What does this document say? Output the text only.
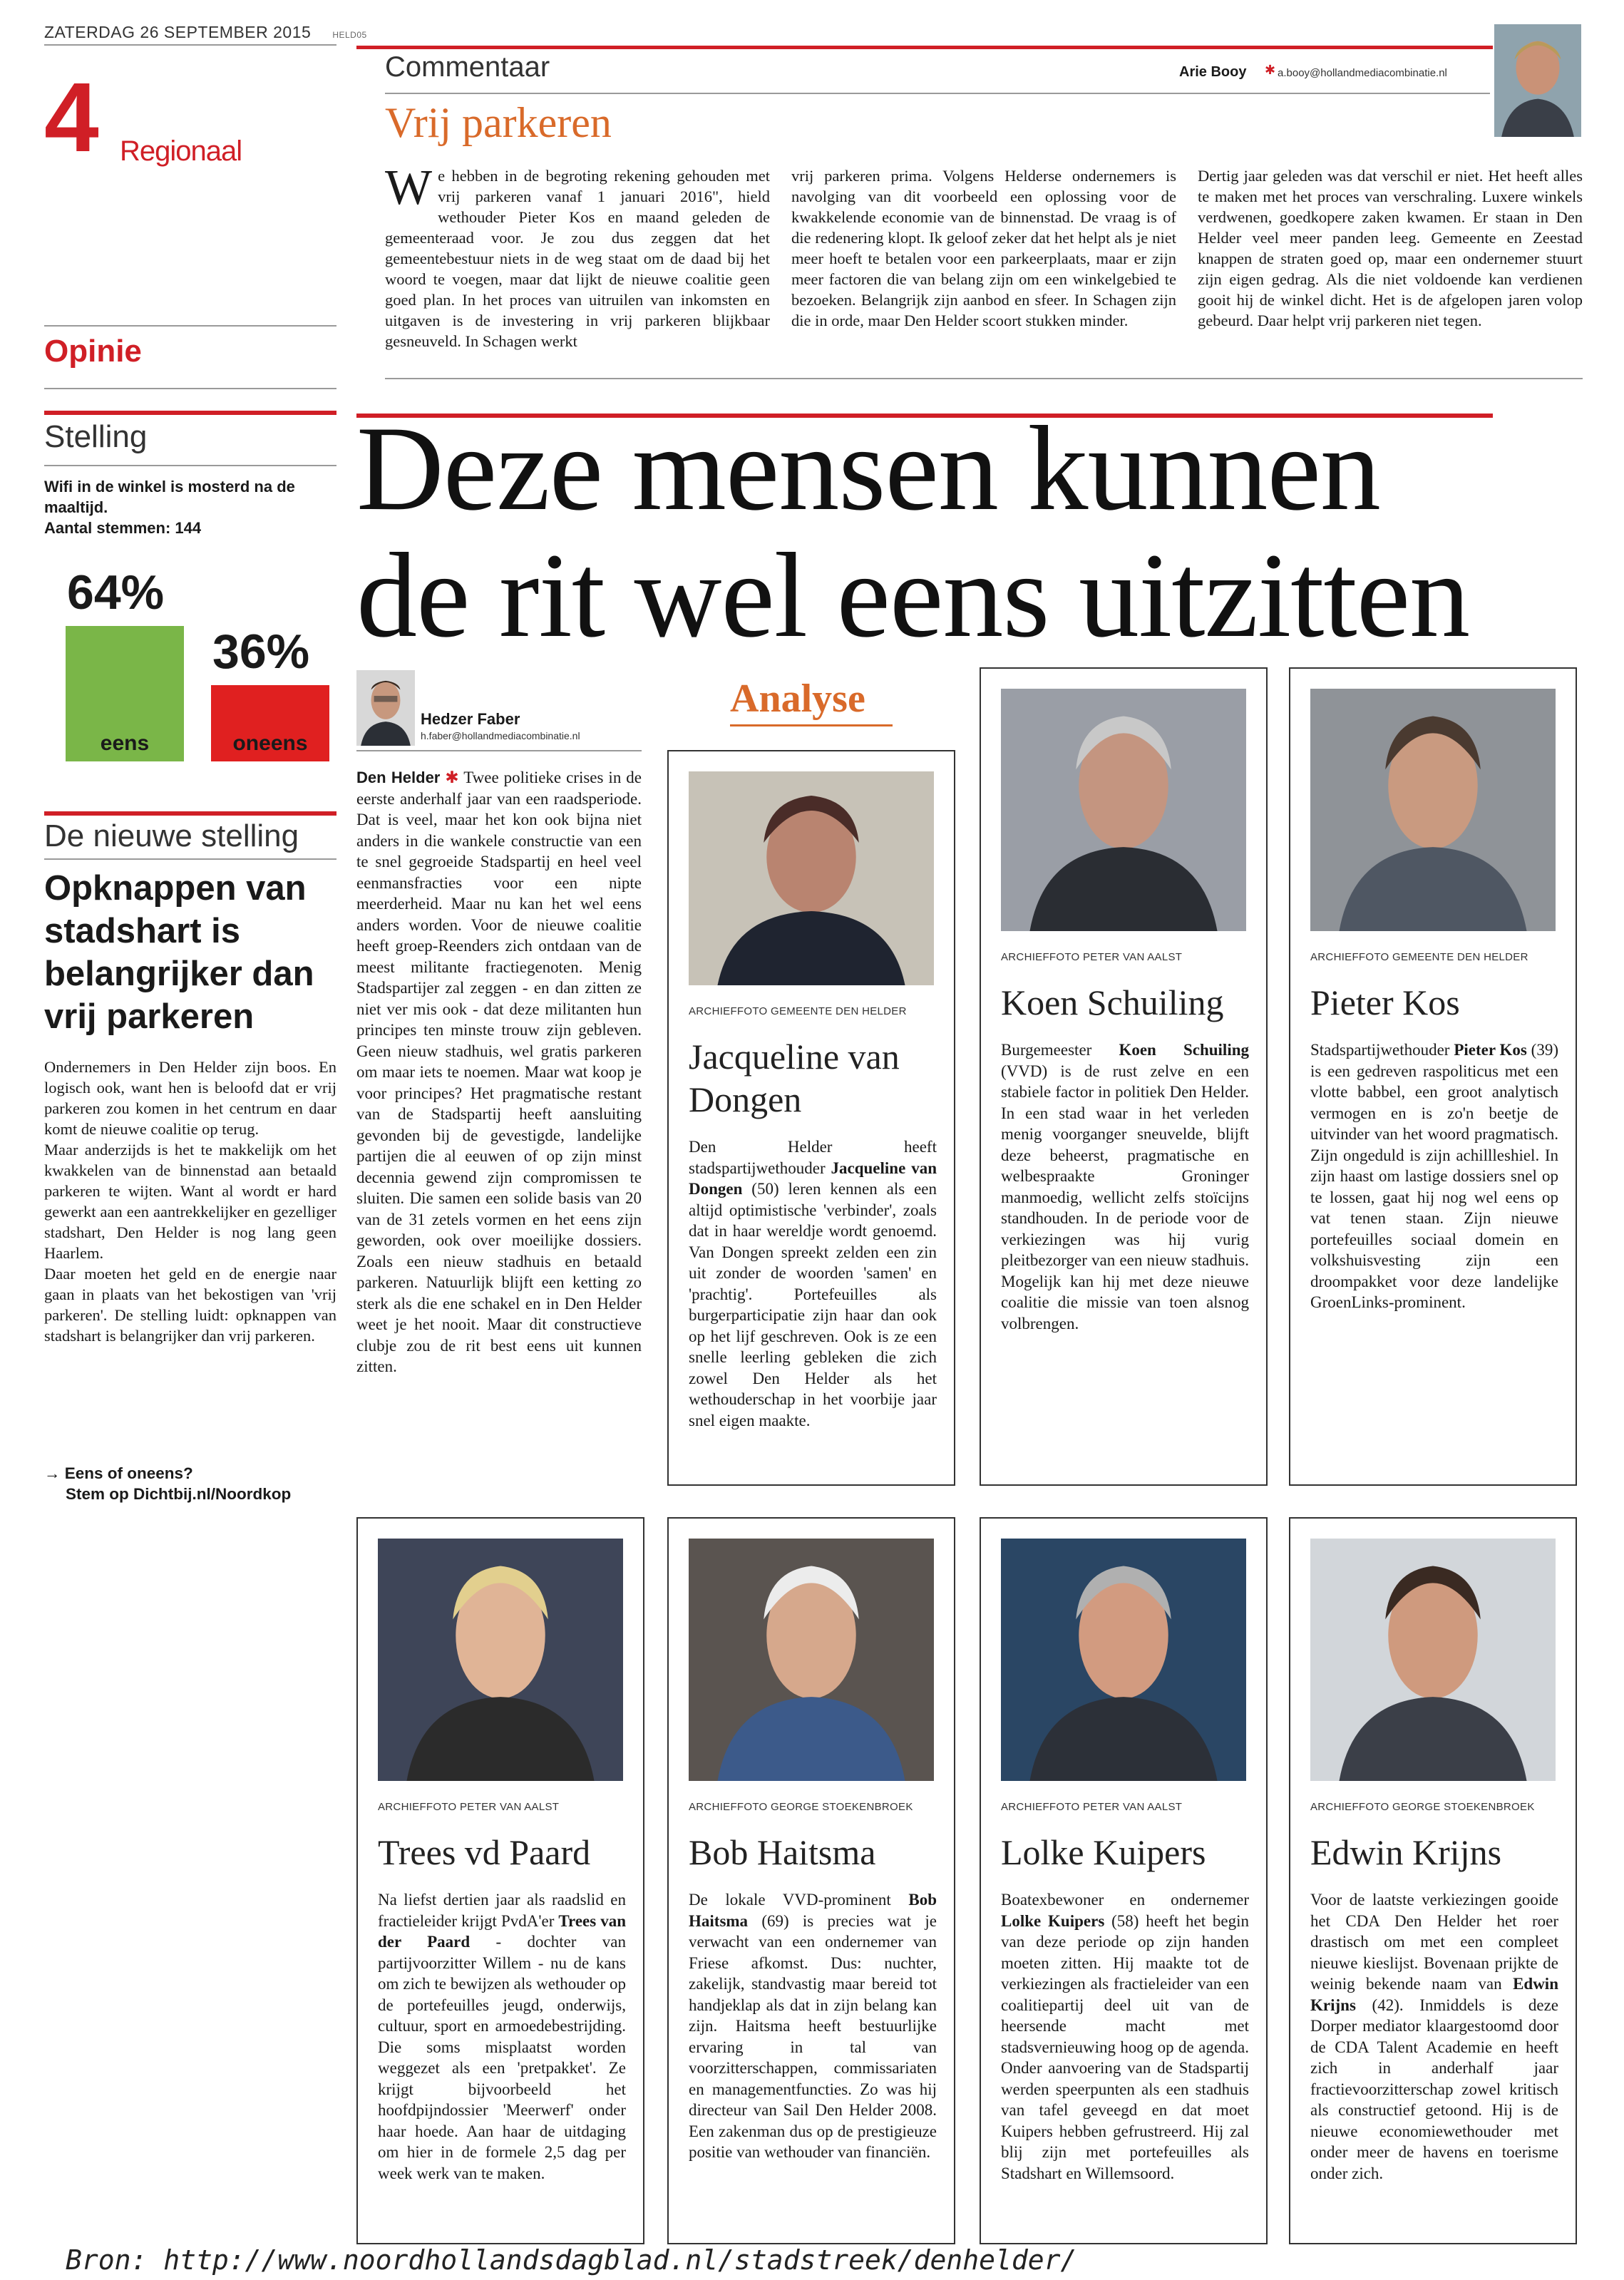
ZATERDAG 26 SEPTEMBER 2015	HELD05
4 Regionaal
Commentaar	Arie Booy ✱ a.booy@hollandmediacombinatie.nl
Vrij parkeren
We hebben in de begroting rekening gehouden met vrij parkeren vanaf 1 januari 2016", hield wethouder Pieter Kos en maand geleden de gemeenteraad voor. Je zou dus zeggen dat het gemeentebestuur niets in de weg staat om de daad bij het woord te voegen, maar dat lijkt de nieuwe coalitie geen goed plan. In het proces van uitruilen van inkomsten en uitgaven is de investering in vrij parkeren blijkbaar gesneuveld. In Schagen werkt
vrij parkeren prima. Volgens Helderse ondernemers is navolging van dit voorbeeld een oplossing voor de kwakkelende economie van de binnenstad. De vraag is of die redenering klopt. Ik geloof zeker dat het helpt als je niet meer hoeft te betalen voor een parkeerplaats, maar er zijn meer factoren die van belang zijn om een winkelgebied te bezoeken. Belangrijk zijn aanbod en sfeer. In Schagen zijn die in orde, maar Den Helder scoort stukken minder.
Dertig jaar geleden was dat verschil er niet. Het heeft alles te maken met het proces van verschraling. Luxere winkels verdwenen, goedkopere zaken kwamen. Er staan in Den Helder veel meer panden leeg. Gemeente en Zeestad knappen de straten goed op, maar een ondernemer stuurt zijn eigen gedrag. Als die niet voldoende kan verdienen gooit hij de winkel dicht. Het is de afgelopen jaren volop gebeurd. Daar helpt vrij parkeren niet tegen.
Opinie
Stelling
Wifi in de winkel is mosterd na de maaltijd.
Aantal stemmen: 144
64%
36%
eens	oneens
De nieuwe stelling
Opknappen van stadshart is belangrijker dan vrij parkeren

Ondernemers in Den Helder zijn boos. En logisch ook, want hen is beloofd dat er vrij parkeren zou komen in het centrum en daar komt de nieuwe coalitie op terug.

Maar anderzijds is het te makkelijk om het kwakkelen van de binnenstad aan betaald parkeren te wijten. Want al wordt er hard gewerkt aan een aantrekkelijker en gezelliger stadshart, Den Helder is nog lang geen Haarlem.

Daar moeten het geld en de energie naar gaan in plaats van het bekostigen van 'vrij parkeren'. De stelling luidt: opknappen van stadshart is belangrijker dan vrij parkeren.

→ Eens of oneens?
Stem op Dichtbij.nl/Noordkop
Deze mensen kunnen
de rit wel eens uitzitten
Hedzer Faber
h.faber@hollandmediacombinatie.nl
Analyse
Den Helder ✱ Twee politieke crises in de eerste anderhalf jaar van een raadsperiode. Dat is veel, maar het kon ook bijna niet anders in die wankele constructie van een te snel gegroeide Stadspartij en heel veel eenmansfracties voor een nipte meerderheid. Maar nu kan het wel eens anders worden. Voor de nieuwe coalitie heeft groep-Reenders zich ontdaan van de meest militante fractiegenoten. Menig Stadspartijer zal zeggen - en dan zitten ze niet ver mis ook - dat deze militanten hun principes ten minste trouw zijn gebleven. Geen nieuw stadhuis, wel gratis parkeren om maar iets te noemen. Maar wat koop je voor principes? Het pragmatische restant van de Stadspartij heeft aansluiting gevonden bij de gevestigde, landelijke partijen die al eeuwen of op zijn minst decennia gewend zijn compromissen te sluiten. Die samen een solide basis van 20 van de 31 zetels vormen en het eens zijn geworden, ook over moeilijke dossiers. Zoals een nieuw stadhuis en betaald parkeren. Natuurlijk blijft een ketting zo sterk als die ene schakel en in Den Helder weet je het nooit. Maar dit constructieve clubje zou de rit best eens uit kunnen zitten.
ARCHIEFFOTO GEMEENTE DEN HELDER
Jacqueline van Dongen
Den Helder heeft stadspartijwethouder Jacqueline van Dongen (50) leren kennen als een altijd optimistische 'verbinder', zoals dat in haar wereldje wordt genoemd. Van Dongen spreekt zelden een zin uit zonder de woorden 'samen' en 'prachtig'. Portefeuilles als burgerparticipatie zijn haar dan ook op het lijf geschreven. Ook is ze een snelle leerling gebleken die zich zowel Den Helder als het wethouderschap in het voorbije jaar snel eigen maakte.
ARCHIEFFOTO PETER VAN AALST
Koen Schuiling
Burgemeester Koen Schuiling (VVD) is de rust zelve en een stabiele factor in politiek Den Helder. In een stad waar in het verleden menig voorganger sneuvelde, blijft deze beheerst, pragmatische en welbespraakte Groninger manmoedig, wellicht zelfs stoïcijns standhouden. In de periode voor de verkiezingen was hij vurig pleitbezorger van een nieuw stadhuis. Mogelijk kan hij met deze nieuwe coalitie die missie van toen alsnog volbrengen.
ARCHIEFFOTO GEMEENTE DEN HELDER
Pieter Kos
Stadspartijwethouder Pieter Kos (39) is een gedreven raspoliticus met een vlotte babbel, een groot analytisch vermogen en is zo'n beetje de uitvinder van het woord pragmatisch. Zijn ongeduld is zijn achillleshiel. In zijn haast om lastige dossiers snel op te lossen, gaat hij nog wel eens op vat tenen staan. Zijn nieuwe portefeuilles sociaal domein en volkshuisvesting zijn een droompakket voor deze landelijke GroenLinks-prominent.
ARCHIEFFOTO PETER VAN AALST
Trees vd Paard
Na liefst dertien jaar als raadslid en fractieleider krijgt PvdA'er Trees van der Paard - dochter van partijvoorzitter Willem - nu de kans om zich te bewijzen als wethouder op de portefeuilles jeugd, onderwijs, cultuur, sport en armoedebestrijding. Die soms misplaatst worden weggezet als een 'pretpakket'. Ze krijgt bijvoorbeeld het hoofdpijndossier 'Meerwerf' onder haar hoede. Aan haar de uitdaging om hier in de formele 2,5 dag per week werk van te maken.
ARCHIEFFOTO GEORGE STOEKENBROEK
Bob Haitsma
De lokale VVD-prominent Bob Haitsma (69) is precies wat je verwacht van een ondernemer van Friese afkomst. Dus: nuchter, zakelijk, standvastig maar bereid tot handjeklap als dat in zijn belang kan zijn. Haitsma heeft bestuurlijke ervaring in tal van voorzitterschappen, commissariaten en managementfuncties. Zo was hij directeur van Sail Den Helder 2008. Een zakenman dus op de prestigieuze positie van wethouder van financiën.
ARCHIEFFOTO PETER VAN AALST
Lolke Kuipers
Boatexbewoner en ondernemer Lolke Kuipers (58) heeft het begin van deze periode op zijn handen moeten zitten. Hij maakte tot de verkiezingen als fractieleider van een coalitiepartij deel uit van de heersende macht met stadsvernieuwing hoog op de agenda. Onder aanvoering van de Stadspartij werden speerpunten als een stadhuis van tafel geveegd en dat moet Kuipers hebben gefrustreerd. Hij zal blij zijn met portefeuilles als Stadshart en Willemsoord.
ARCHIEFFOTO GEORGE STOEKENBROEK
Edwin Krijns
Voor de laatste verkiezingen gooide het CDA Den Helder het roer drastisch om met een compleet nieuwe kieslijst. Bovenaan prijkte de weinig bekende naam van Edwin Krijns (42). Inmiddels is deze Dorper mediator klaargestoomd door de CDA Talent Academie en heeft zich in anderhalf jaar fractievoorzitterschap zowel kritisch als constructief getoond. Hij is de nieuwe economiewethouder met onder meer de havens en toerisme onder zich.
Bron: http://www.noordhollandsdagblad.nl/stadstreek/denhelder/
